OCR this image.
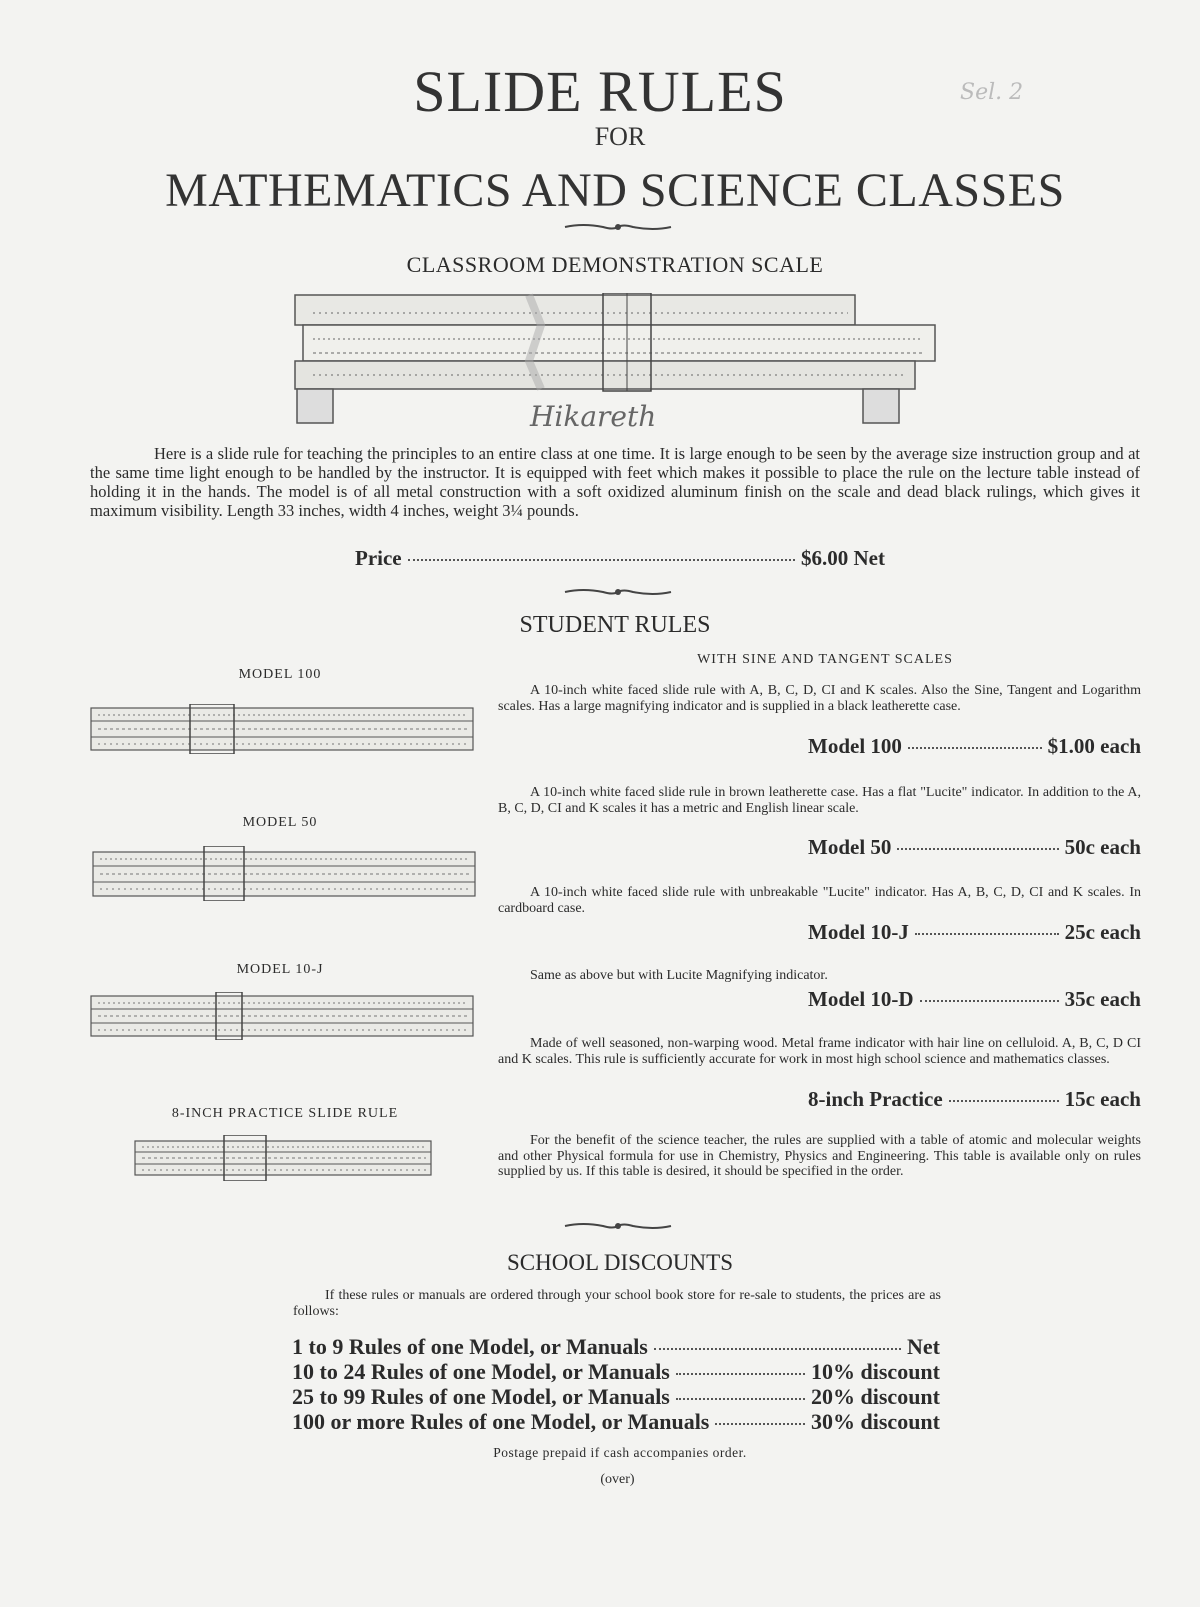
Sel. 2
SLIDE RULES
FOR
MATHEMATICS AND SCIENCE CLASSES
CLASSROOM DEMONSTRATION SCALE
Hikareth
Here is a slide rule for teaching the principles to an entire class at one time. It is large enough to be seen by the average size instruction group and at the same time light enough to be handled by the instructor. It is equipped with feet which makes it possible to place the rule on the lecture table instead of holding it in the hands. The model is of all metal construction with a soft oxidized aluminum finish on the scale and dead black rulings, which gives it maximum visibility. Length 33 inches, width 4 inches, weight 3¼ pounds.
Price	$6.00 Net
STUDENT RULES
WITH SINE AND TANGENT SCALES
MODEL 100
MODEL 50
MODEL 10-J
8-INCH PRACTICE SLIDE RULE
A 10-inch white faced slide rule with A, B, C, D, CI and K scales. Also the Sine, Tangent and Logarithm scales. Has a large magnifying indicator and is supplied in a black leatherette case.
Model 100	$1.00 each
A 10-inch white faced slide rule in brown leatherette case. Has a flat "Lucite" indicator. In addition to the A, B, C, D, CI and K scales it has a metric and English linear scale.
Model 50	50c each
A 10-inch white faced slide rule with unbreakable "Lucite" indicator. Has A, B, C, D, CI and K scales. In cardboard case.
Model 10-J	25c each
Same as above but with Lucite Magnifying indicator.
Model 10-D	35c each
Made of well seasoned, non-warping wood. Metal frame indicator with hair line on celluloid. A, B, C, D CI and K scales. This rule is sufficiently accurate for work in most high school science and mathematics classes.
8-inch Practice	15c each
For the benefit of the science teacher, the rules are supplied with a table of atomic and molecular weights and other Physical formula for use in Chemistry, Physics and Engineering. This table is available only on rules supplied by us. If this table is desired, it should be specified in the order.
SCHOOL DISCOUNTS
If these rules or manuals are ordered through your school book store for re-sale to students, the prices are as follows:
1 to 9 Rules of one Model, or Manuals	Net
10 to 24 Rules of one Model, or Manuals	10% discount
25 to 99 Rules of one Model, or Manuals	20% discount
100 or more Rules of one Model, or Manuals	30% discount
Postage prepaid if cash accompanies order.
(over)
